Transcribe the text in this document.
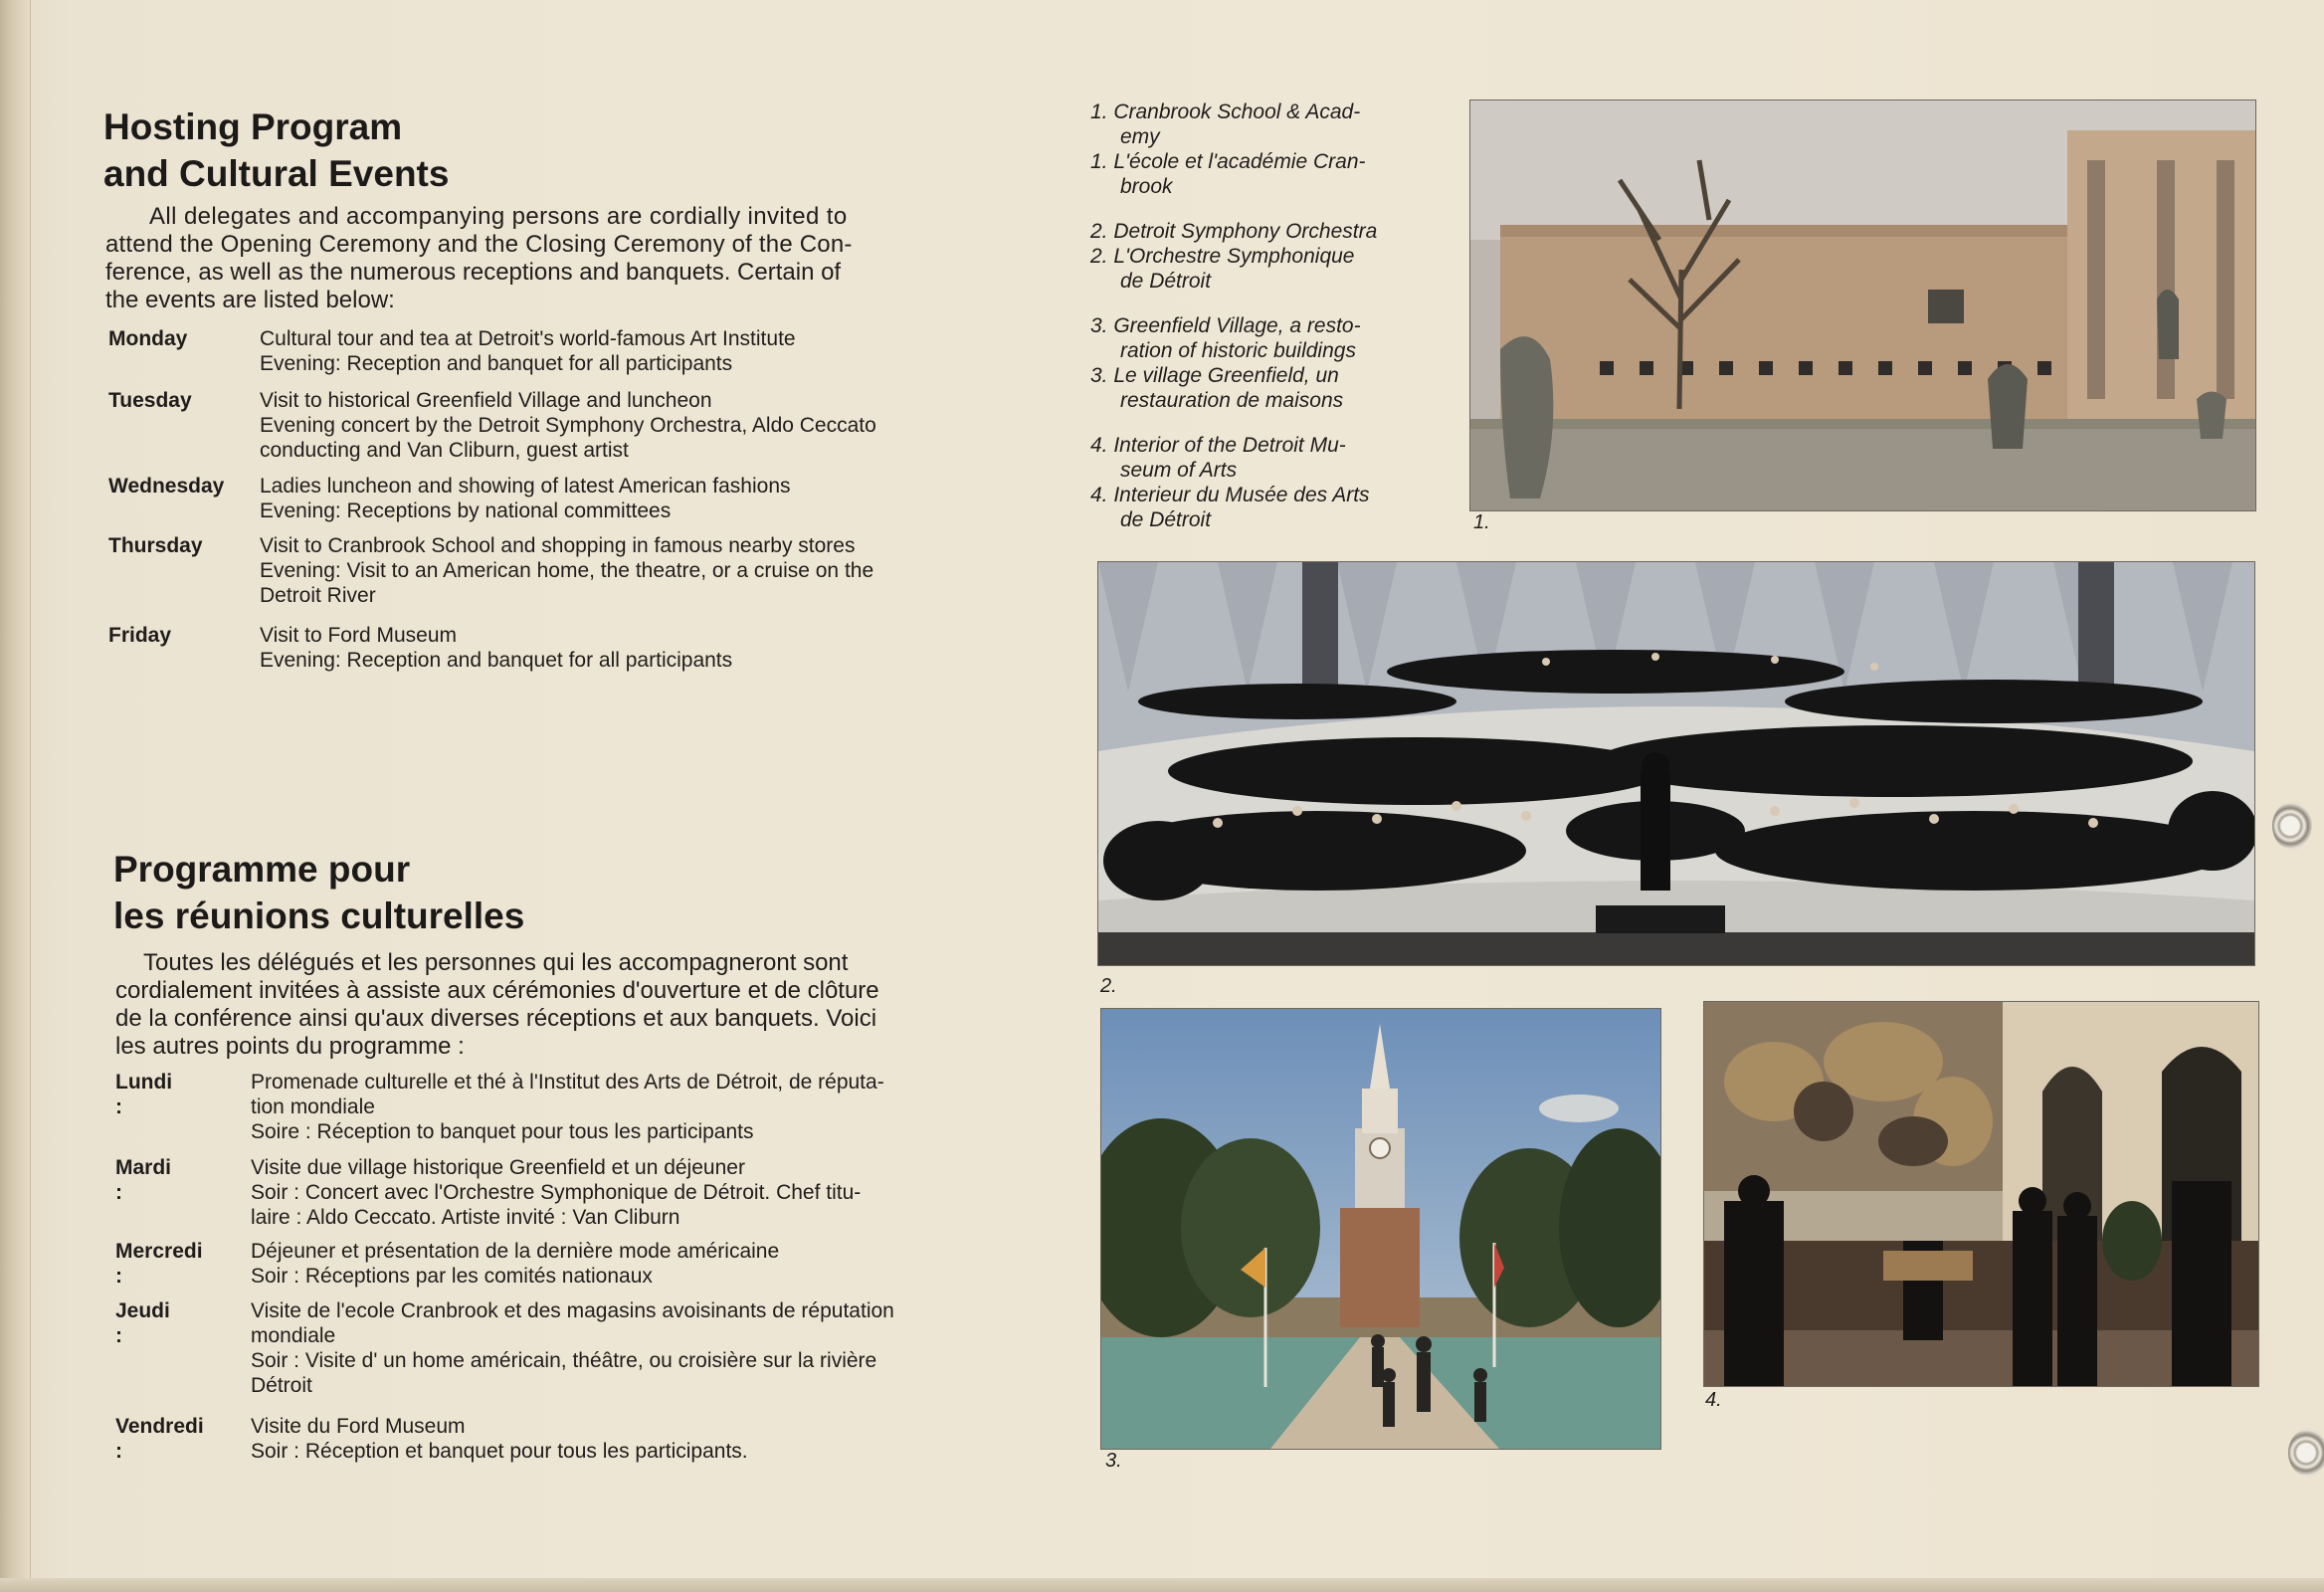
Hosting Program
and Cultural Events
All delegates and accompanying persons are cordially invited to
attend the Opening Ceremony and the Closing Ceremony of the Con-
ference, as well as the numerous receptions and banquets. Certain of
the events are listed below:
Monday	Cultural tour and tea at Detroit's world-famous Art Institute
Evening: Reception and banquet for all participants
Tuesday	Visit to historical Greenfield Village and luncheon
Evening concert by the Detroit Symphony Orchestra, Aldo Ceccato
conducting and Van Cliburn, guest artist
Wednesday Ladies luncheon and showing of latest American fashions
Evening: Receptions by national committees
Thursday	Visit to Cranbrook School and shopping in famous nearby stores
Evening: Visit to an American home, the theatre, or a cruise on the
Detroit River
Friday	Visit to Ford Museum
Evening: Reception and banquet for all participants
Programme pour
les réunions culturelles
Toutes les délégués et les personnes qui les accompagneront sont
cordialement invitées à assiste aux cérémonies d'ouverture et de clôture
de la conférence ainsi qu'aux diverses réceptions et aux banquets. Voici
les autres points du programme :
Lundi :
Promenade culturelle et thé à l'Institut des Arts de Détroit, de réputa-
tion mondiale
Soire : Réception to banquet pour tous les participants
Mardi :
Visite due village historique Greenfield et un déjeuner
Soir : Concert avec l'Orchestre Symphonique de Détroit. Chef titu-
laire : Aldo Ceccato. Artiste invité : Van Cliburn
Mercredi :
Déjeuner et présentation de la dernière mode américaine
Soir : Réceptions par les comités nationaux
Jeudi :
Visite de l'ecole Cranbrook et des magasins avoisinants de réputation
mondiale
Soir : Visite d' un home américain, théâtre, ou croisière sur la rivière
Détroit
Vendredi :
Visite du Ford Museum
Soir : Réception et banquet pour tous les participants.

1. Cranbrook School & Acad-
emy

1. L'école et l'académie Cran-
brook

2. Detroit Symphony Orchestra

2. L'Orchestre Symphonique
de Détroit

3. Greenfield Village, a resto-
ration of historic buildings

3. Le village Greenfield, un
restauration de maisons

4. Interior of the Detroit Mu-
seum of Arts

4. Interieur du Musée des Arts
de Détroit	1.
2.
3.
4.
